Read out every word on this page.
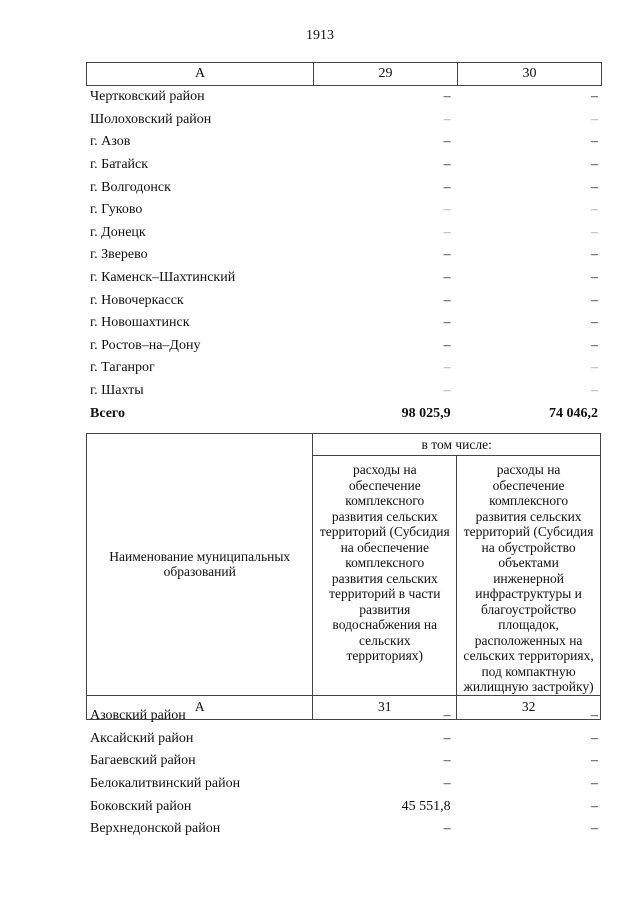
1913
А	29	30
Чертковский район	–	–
Шолоховский район	–	–
г. Азов	–	–
г. Батайск	–	–
г. Волгодонск	–	–
г. Гуково	–	–
г. Донецк	–	–
г. Зверево	–	–
г. Каменск–Шахтинский	–	–
г. Новочеркасск	–	–
г. Новошахтинск	–	–
г. Ростов–на–Дону	–	–
г. Таганрог	–	–
г. Шахты	–	–
Всего	98 025,9	74 046,2
Наименование муниципальных образований	в том числе:	
	расходы на обеспечение комплексного развития сельских территорий (Субсидия на обеспечение комплексного развития сельских территорий в части развития водоснабжения на сельских территориях)	расходы на обеспечение комплексного развития сельских территорий (Субсидия на обустройство объектами инженерной инфраструктуры и благоустройство площадок, расположенных на сельских территориях, под компактную жилищную застройку)
А	31	32
Азовский район	–	–
Аксайский район	–	–
Багаевский район	–	–
Белокалитвинский район	–	–
Боковский район	45 551,8	–
Верхнедонской район	–	–
